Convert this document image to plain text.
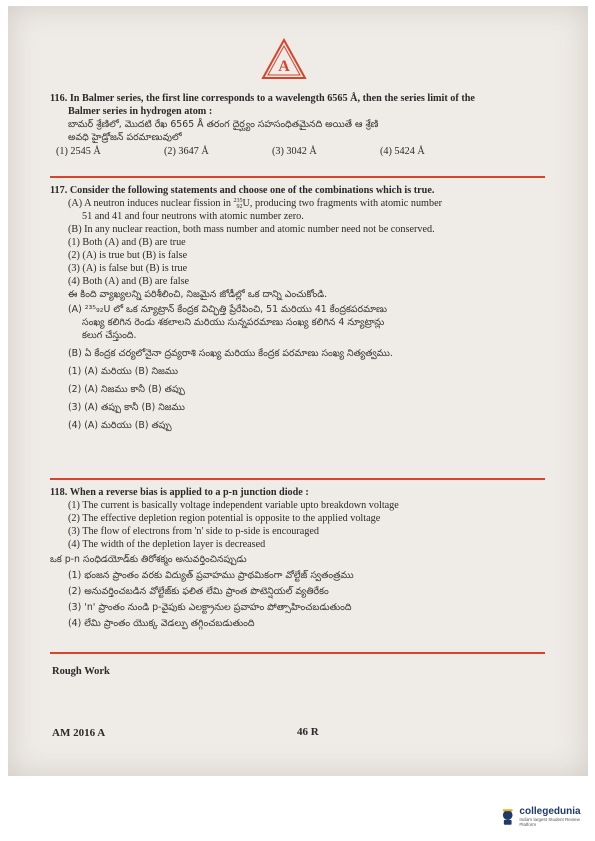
A
116. In Balmer series, the first line corresponds to a wavelength 6565 Å, then the series limit of the
Balmer series in hydrogen atom :
బామర్ శ్రేణిలో, మొదటి రేఖ 6565 Å తరంగ దైర్ఘ్యం సహసంధితమైనది అయితే ఆ శ్రేణి
అవధి హైడ్రోజన్ పరమాణువులో
(1) 2545 Å	(2) 3647 Å	(3) 3042 Å	(4) 5424 Å
117. Consider the following statements and choose one of the combinations which is true.
(A) A neutron induces nuclear fission in 235
92 U, producing two fragments with atomic number
51 and 41 and four neutrons with atomic number zero.
(B) In any nuclear reaction, both mass number and atomic number need not be conserved.
(1) Both (A) and (B) are true
(2) (A) is true but (B) is false
(3) (A) is false but (B) is true
(4) Both (A) and (B) are false
ఈ కింది వ్యాఖ్యలన్ని పరిశీలించి, నిజమైన జోడీల్లో ఒక దాన్ని ఎంచుకోండి.
(A) ²³⁵₉₂U లో ఒక న్యూట్రాన్ కేంద్రక విచ్ఛిత్తి ప్రేరేపించి, 51 మరియు 41 కేంద్రకపరమాణు
సంఖ్య కలిగిన రెండు శకలాలని మరియు సున్నపరమాణు సంఖ్య కలిగిన 4 న్యూట్రాన్లు
కలుగ చేస్తుంది.
(B) ఏ కేంద్రక చర్యలోనైనా ద్రవ్యరాశి సంఖ్య మరియు కేంద్రక పరమాణు సంఖ్య నిత్యత్వము.
(1) (A) మరియు (B) నిజము
(2) (A) నిజము కానీ (B) తప్పు
(3) (A) తప్పు కానీ (B) నిజము
(4) (A) మరియు (B) తప్పు
118. When a reverse bias is applied to a p-n junction diode :
(1) The current is basically voltage independent variable upto breakdown voltage
(2) The effective depletion region potential is opposite to the applied voltage
(3) The flow of electrons from 'n' side to p-side is encouraged
(4) The width of the depletion layer is decreased
ఒక p-n సంధిడయోడ్‌కు తిరోశక్మం అనువర్తించినప్పుడు
(1) భంజన ప్రాంతం వరకు విద్యుత్ ప్రవాహము ప్రాథమికంగా వోల్టేజ్ స్వతంత్రము
(2) అనువర్తించబడిన వోల్టేజ్‌కు ఫలిత లేమి ప్రాంత పొటెన్షియల్ వ్యతిరేకం
(3) 'n' ప్రాంతం నుండి p-వైపుకు ఎలక్ట్రానుల ప్రవాహం పోత్సాహించబడుతుంది
(4) లేమి ప్రాంతం యొక్క వెడల్పు తగ్గించబడుతుంది
Rough Work
AM 2016 A	46 R
collegedunia
India's largest Student Review Platform
